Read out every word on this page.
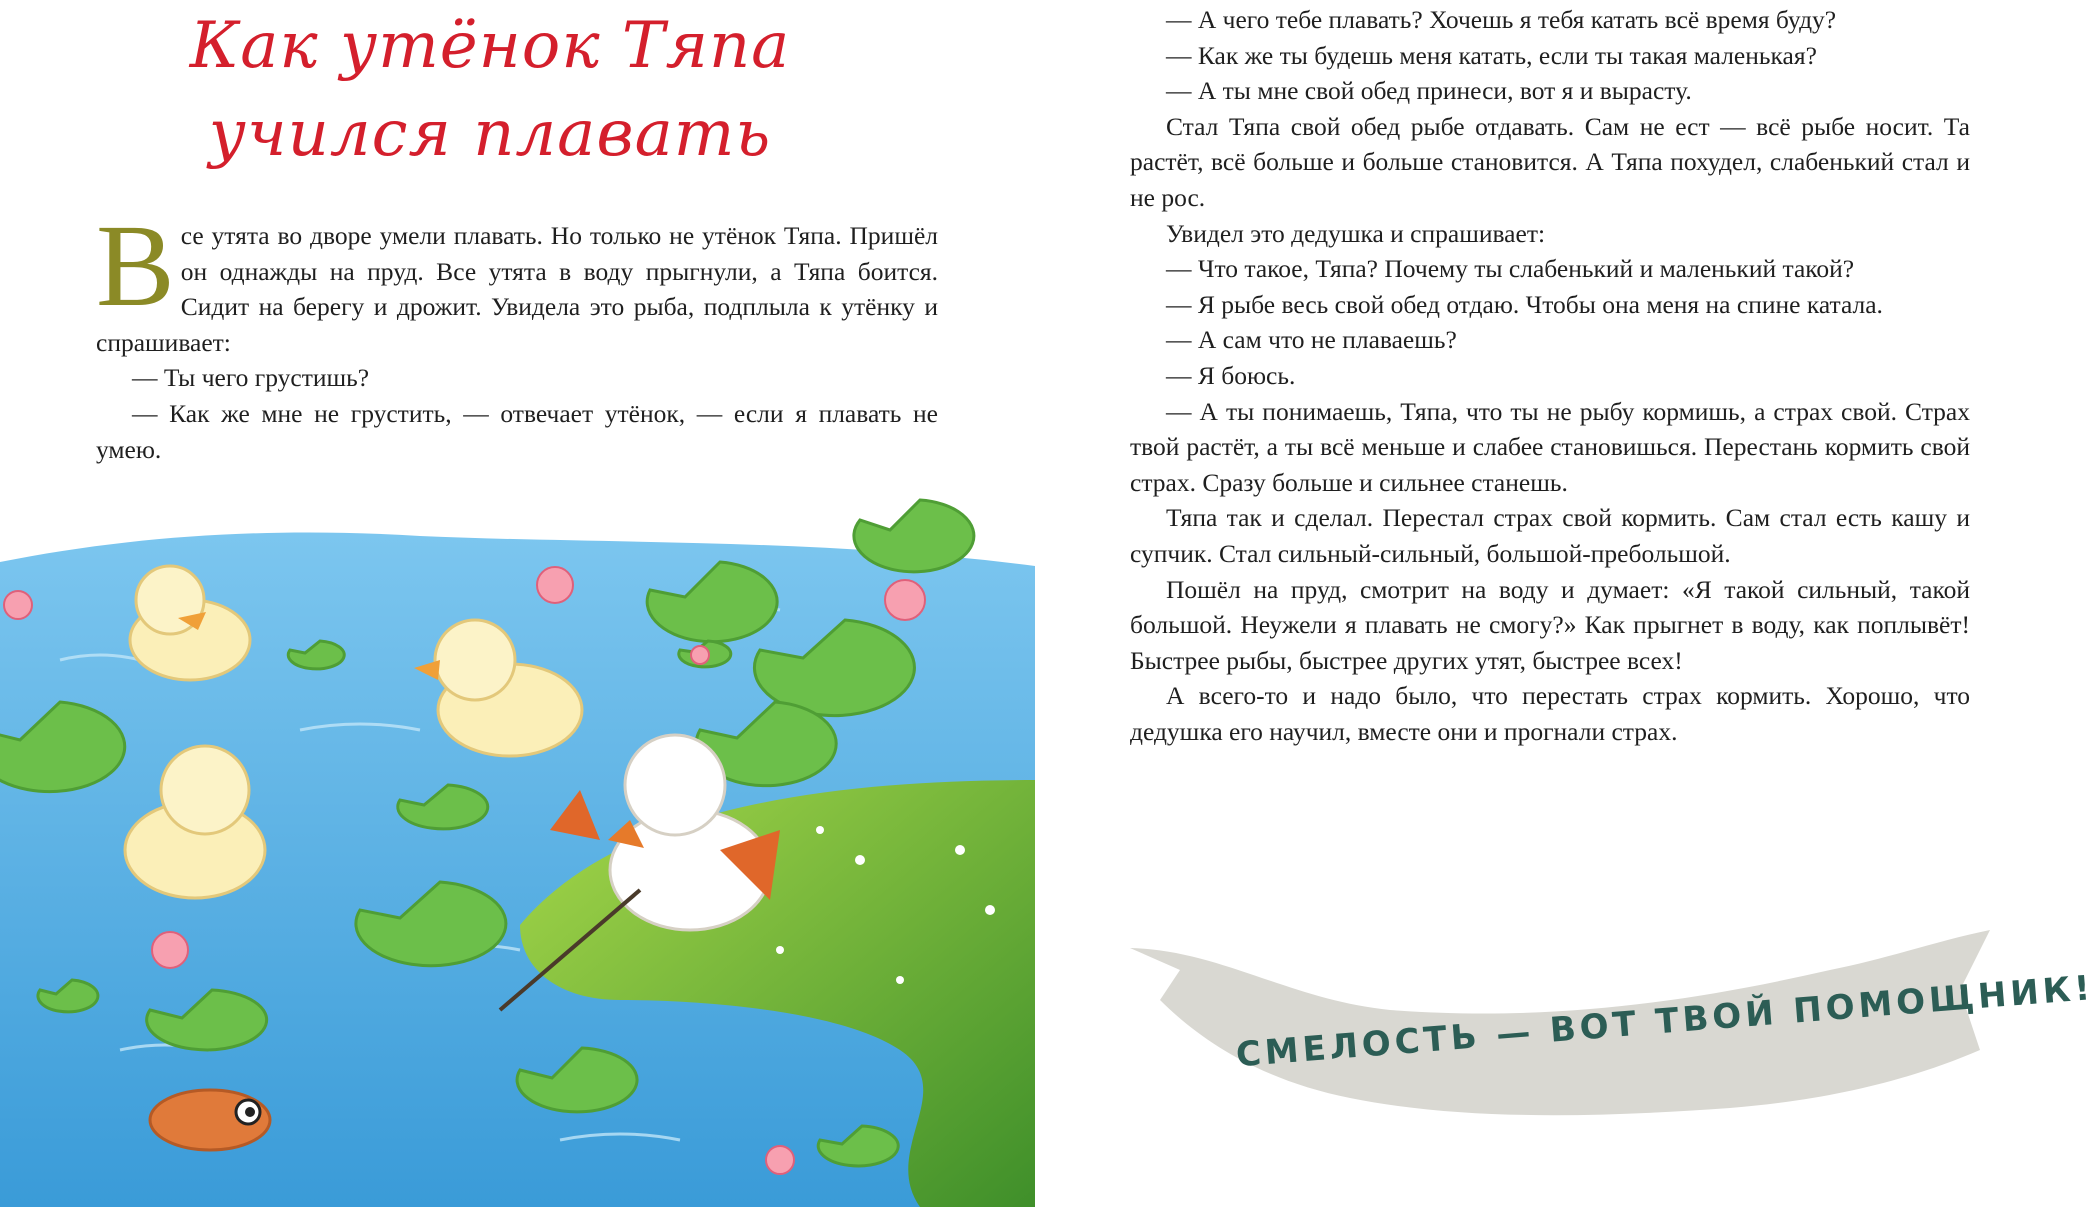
Как утёнок Тяпа
учился плавать

Все утята во дворе умели плавать. Но только не утёнок Тяпа. Пришёл он однажды на пруд. Все утята в воду прыгнули, а Тяпа боится. Сидит на берегу и дрожит. Увидела это рыба, подплыла к утёнку и спрашивает:

— Ты чего грустишь?

— Как же мне не грустить, — отвечает утёнок, — если я плавать не умею.

— А чего тебе плавать? Хочешь я тебя катать всё время буду?

— Как же ты будешь меня катать, если ты такая маленькая?

— А ты мне свой обед принеси, вот я и вырасту.

Стал Тяпа свой обед рыбе отдавать. Сам не ест — всё рыбе носит. Та растёт, всё больше и больше становится. А Тяпа похудел, слабенький стал и не рос.

Увидел это дедушка и спрашивает:

— Что такое, Тяпа? Почему ты слабенький и маленький такой?

— Я рыбе весь свой обед отдаю. Чтобы она меня на спине катала.

— А сам что не плаваешь?

— Я боюсь.

— А ты понимаешь, Тяпа, что ты не рыбу кормишь, а страх свой. Страх твой растёт, а ты всё меньше и слабее становишься. Перестань кормить свой страх. Сразу больше и сильнее станешь.

Тяпа так и сделал. Перестал страх свой кормить. Сам стал есть кашу и супчик. Стал сильный-сильный, большой-пребольшой.

Пошёл на пруд, смотрит на воду и думает: «Я такой сильный, такой большой. Неужели я плавать не смогу?» Как прыгнет в воду, как поплывёт! Быстрее рыбы, быстрее других утят, быстрее всех!

А всего-то и надо было, что перестать страх кормить. Хорошо, что дедушка его научил, вместе они и прогнали страх.

СМЕЛОСТЬ — ВОТ ТВОЙ ПОМОЩНИК!
